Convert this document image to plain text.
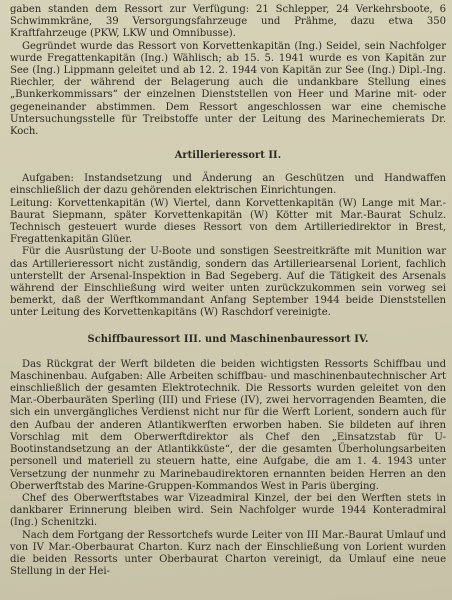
gaben standen dem Ressort zur Verfügung: 21 Schlepper, 24 Verkehrsboote, 6 Schwimmkräne, 39 Versorgungsfahrzeuge und Prähme, dazu etwa 350 Kraftfahrzeuge (PKW, LKW und Omnibusse).

Gegründet wurde das Ressort von Korvettenkapitän (Ing.) Seidel, sein Nachfolger wurde Fregattenkapitän (Ing.) Wählisch; ab 15. 5. 1941 wurde es von Kapitän zur See (Ing.) Lippmann geleitet und ab 12. 2. 1944 von Kapitän zur See (Ing.) Dipl.-Ing. Riechler, der während der Belagerung auch die undankbare Stellung eines „Bunkerkommissars“ der einzelnen Dienststellen von Heer und Marine mit- oder gegeneinander abstimmen. Dem Ressort angeschlossen war eine chemische Untersuchungsstelle für Treibstoffe unter der Leitung des Marinechemierats Dr. Koch.

Artillerieressort II.

Aufgaben: Instandsetzung und Änderung an Geschützen und Handwaffen einschließlich der dazu gehörenden elektrischen Einrichtungen.

Leitung: Korvettenkapitän (W) Viertel, dann Korvettenkapitän (W) Lange mit Mar.-Baurat Siepmann, später Korvettenkapitän (W) Kötter mit Mar.-Baurat Schulz. Technisch gesteuert wurde dieses Ressort von dem Artilleriedirektor in Brest, Fregattenkapitän Glüer.

Für die Ausrüstung der U-Boote und sonstigen Seestreitkräfte mit Munition war das Artillerieressort nicht zuständig, sondern das Artilleriearsenal Lorient, fachlich unterstellt der Arsenal-Inspektion in Bad Segeberg. Auf die Tätigkeit des Arsenals während der Einschließung wird weiter unten zurückzukommen sein vorweg sei bemerkt, daß der Werftkommandant Anfang September 1944 beide Dienststellen unter Leitung des Korvettenkapitäns (W) Raschdorf vereinigte.

Schiffbauressort III. und Maschinenbauressort IV.

Das Rückgrat der Werft bildeten die beiden wichtigsten Ressorts Schiffbau und Maschinenbau. Aufgaben: Alle Arbeiten schiffbau- und maschinenbautechnischer Art einschließlich der gesamten Elektrotechnik. Die Ressorts wurden geleitet von den Mar.-Oberbauräten Sperling (III) und Friese (IV), zwei hervorragenden Beamten, die sich ein unvergängliches Verdienst nicht nur für die Werft Lorient, sondern auch für den Aufbau der anderen Atlantikwerften erworben haben. Sie bildeten auf ihren Vorschlag mit dem Oberwerftdirektor als Chef den „Einsatzstab für U-Bootinstandsetzung an der Atlantikküste“, der die gesamten Überholungsarbeiten personell und materiell zu steuern hatte, eine Aufgabe, die am 1. 4. 1943 unter Versetzung der nunmehr zu Marinebaudirektoren ernannten beiden Herren an den Oberwerftstab des Marine-Gruppen-Kommandos West in Paris überging.

Chef des Oberwerftstabes war Vizeadmiral Kinzel, der bei den Werften stets in dankbarer Erinnerung bleiben wird. Sein Nachfolger wurde 1944 Konteradmiral (Ing.) Schenitzki.

Nach dem Fortgang der Ressortchefs wurde Leiter von III Mar.-Baurat Umlauf und von IV Mar.-Oberbaurat Charton. Kurz nach der Einschließung von Lorient wurden die beiden Ressorts unter Oberbaurat Charton vereinigt, da Umlauf eine neue Stellung in der Hei-
